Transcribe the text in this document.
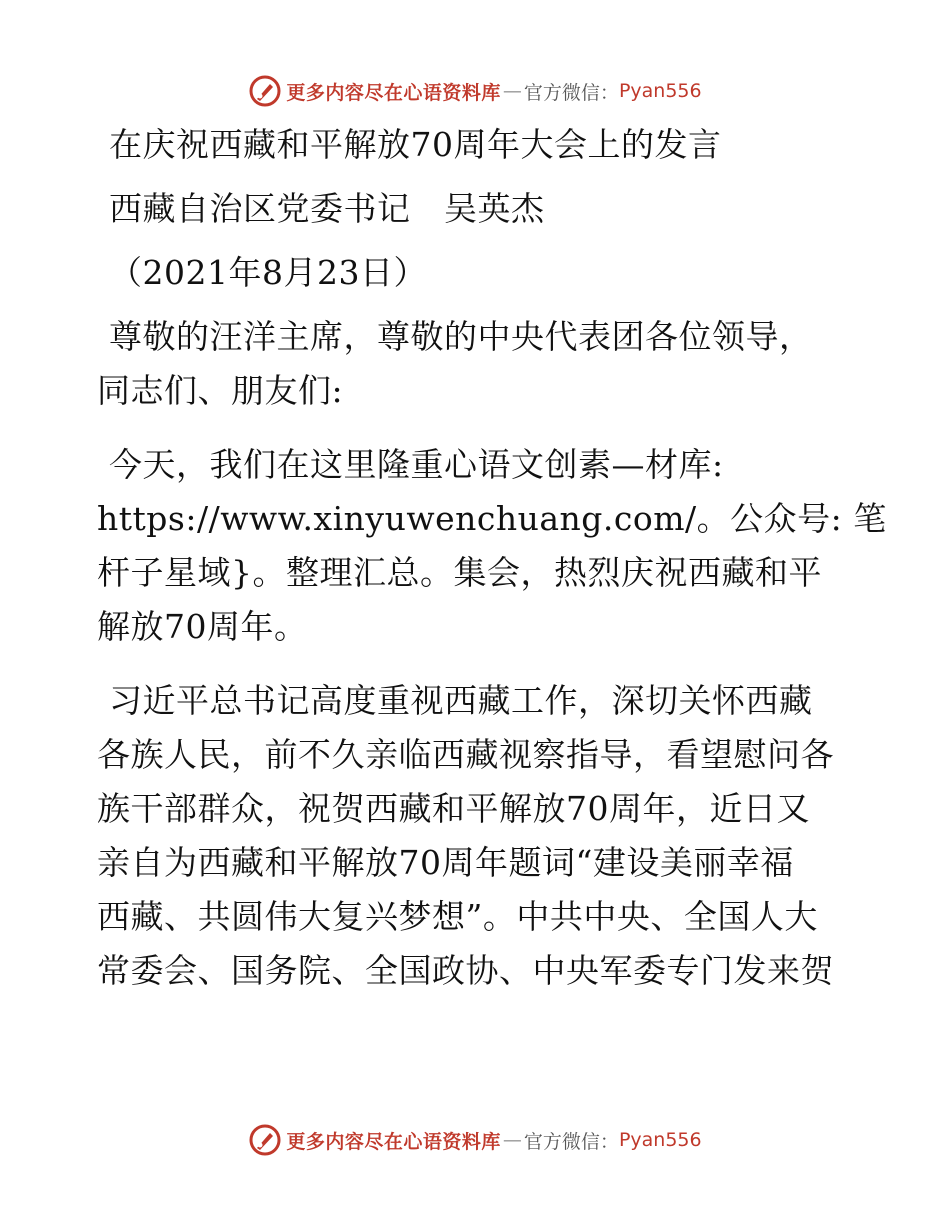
更多内容尽在心语资料库 — 官方微信： Pyan556

在庆祝西藏和平解放70周年大会上的发言

西藏自治区党委书记　吴英杰

（2021年8月23日）

尊敬的汪洋主席，尊敬的中央代表团各位领导，

同志们、朋友们:

今天，我们在这里隆重心语文创素—材库:

https://www.xinyuwenchuang.com/。公众号: 笔

杆子星域}。整理汇总。集会，热烈庆祝西藏和平

解放70周年。

习近平总书记高度重视西藏工作，深切关怀西藏

各族人民，前不久亲临西藏视察指导，看望慰问各

族干部群众，祝贺西藏和平解放70周年，近日又

亲自为西藏和平解放70周年题词“建设美丽幸福

西藏、共圆伟大复兴梦想”。中共中央、全国人大

常委会、国务院、全国政协、中央军委专门发来贺

更多内容尽在心语资料库 — 官方微信： Pyan556
